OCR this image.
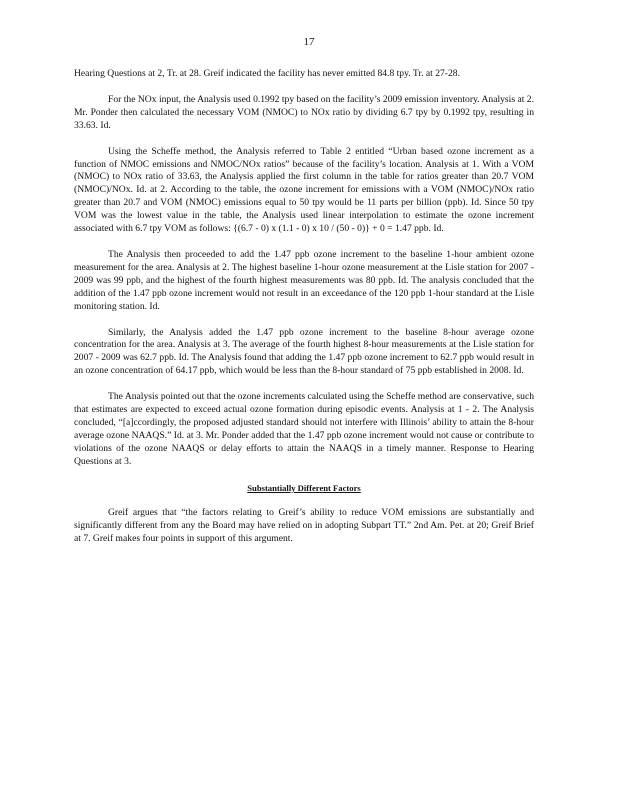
17

Hearing Questions at 2, Tr. at 28. Greif indicated the facility has never emitted 84.8 tpy. Tr. at 27-28.

For the NOx input, the Analysis used 0.1992 tpy based on the facility’s 2009 emission inventory. Analysis at 2. Mr. Ponder then calculated the necessary VOM (NMOC) to NOx ratio by dividing 6.7 tpy by 0.1992 tpy, resulting in 33.63. Id.

Using the Scheffe method, the Analysis referred to Table 2 entitled “Urban based ozone increment as a function of NMOC emissions and NMOC/NOx ratios” because of the facility’s location. Analysis at 1. With a VOM (NMOC) to NOx ratio of 33.63, the Analysis applied the first column in the table for ratios greater than 20.7 VOM (NMOC)/NOx. Id. at 2. According to the table, the ozone increment for emissions with a VOM (NMOC)/NOx ratio greater than 20.7 and VOM (NMOC) emissions equal to 50 tpy would be 11 parts per billion (ppb). Id. Since 50 tpy VOM was the lowest value in the table, the Analysis used linear interpolation to estimate the ozone increment associated with 6.7 tpy VOM as follows: {(6.7 - 0) x (1.1 - 0) x 10 / (50 - 0)} + 0 = 1.47 ppb. Id.

The Analysis then proceeded to add the 1.47 ppb ozone increment to the baseline 1-hour ambient ozone measurement for the area. Analysis at 2. The highest baseline 1-hour ozone measurement at the Lisle station for 2007 - 2009 was 99 ppb, and the highest of the fourth highest measurements was 80 ppb. Id. The analysis concluded that the addition of the 1.47 ppb ozone increment would not result in an exceedance of the 120 ppb 1-hour standard at the Lisle monitoring station. Id.

Similarly, the Analysis added the 1.47 ppb ozone increment to the baseline 8-hour average ozone concentration for the area. Analysis at 3. The average of the fourth highest 8-hour measurements at the Lisle station for 2007 - 2009 was 62.7 ppb. Id. The Analysis found that adding the 1.47 ppb ozone increment to 62.7 ppb would result in an ozone concentration of 64.17 ppb, which would be less than the 8-hour standard of 75 ppb established in 2008. Id.

The Analysis pointed out that the ozone increments calculated using the Scheffe method are conservative, such that estimates are expected to exceed actual ozone formation during episodic events. Analysis at 1 - 2. The Analysis concluded, “[a]ccordingly, the proposed adjusted standard should not interfere with Illinois’ ability to attain the 8-hour average ozone NAAQS.” Id. at 3. Mr. Ponder added that the 1.47 ppb ozone increment would not cause or contribute to violations of the ozone NAAQS or delay efforts to attain the NAAQS in a timely manner. Response to Hearing Questions at 3.

Substantially Different Factors

Greif argues that “the factors relating to Greif’s ability to reduce VOM emissions are substantially and significantly different from any the Board may have relied on in adopting Subpart TT.” 2nd Am. Pet. at 20; Greif Brief at 7. Greif makes four points in support of this argument.
